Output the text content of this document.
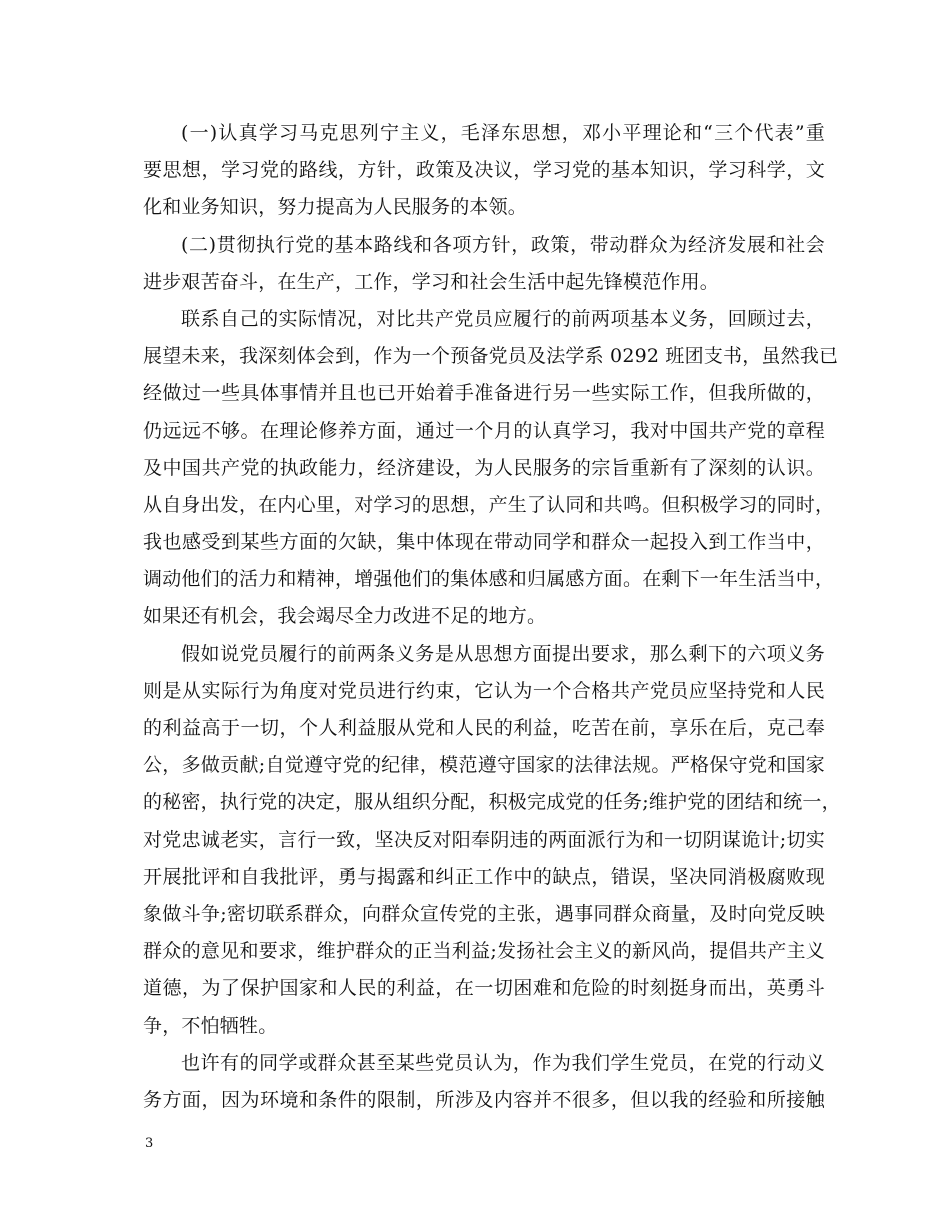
(一)认真学习马克思列宁主义，毛泽东思想，邓小平理论和“三个代表”重
要思想，学习党的路线，方针，政策及决议，学习党的基本知识，学习科学，文
化和业务知识，努力提高为人民服务的本领。
(二)贯彻执行党的基本路线和各项方针，政策，带动群众为经济发展和社会
进步艰苦奋斗，在生产，工作，学习和社会生活中起先锋模范作用。
联系自己的实际情况，对比共产党员应履行的前两项基本义务，回顾过去，
展望未来，我深刻体会到，作为一个预备党员及法学系 0292 班团支书，虽然我已
经做过一些具体事情并且也已开始着手准备进行另一些实际工作，但我所做的，
仍远远不够。在理论修养方面，通过一个月的认真学习，我对中国共产党的章程
及中国共产党的执政能力，经济建设，为人民服务的宗旨重新有了深刻的认识。
从自身出发，在内心里，对学习的思想，产生了认同和共鸣。但积极学习的同时，
我也感受到某些方面的欠缺，集中体现在带动同学和群众一起投入到工作当中，
调动他们的活力和精神，增强他们的集体感和归属感方面。在剩下一年生活当中，
如果还有机会，我会竭尽全力改进不足的地方。
假如说党员履行的前两条义务是从思想方面提出要求，那么剩下的六项义务
则是从实际行为角度对党员进行约束，它认为一个合格共产党员应坚持党和人民
的利益高于一切，个人利益服从党和人民的利益，吃苦在前，享乐在后，克己奉
公，多做贡献;自觉遵守党的纪律，模范遵守国家的法律法规。严格保守党和国家
的秘密，执行党的决定，服从组织分配，积极完成党的任务;维护党的团结和统一，
对党忠诚老实，言行一致，坚决反对阳奉阴违的两面派行为和一切阴谋诡计;切实
开展批评和自我批评，勇与揭露和纠正工作中的缺点，错误，坚决同消极腐败现
象做斗争;密切联系群众，向群众宣传党的主张，遇事同群众商量，及时向党反映
群众的意见和要求，维护群众的正当利益;发扬社会主义的新风尚，提倡共产主义
道德，为了保护国家和人民的利益，在一切困难和危险的时刻挺身而出，英勇斗
争，不怕牺牲。
也许有的同学或群众甚至某些党员认为，作为我们学生党员，在党的行动义
务方面，因为环境和条件的限制，所涉及内容并不很多，但以我的经验和所接触
3
